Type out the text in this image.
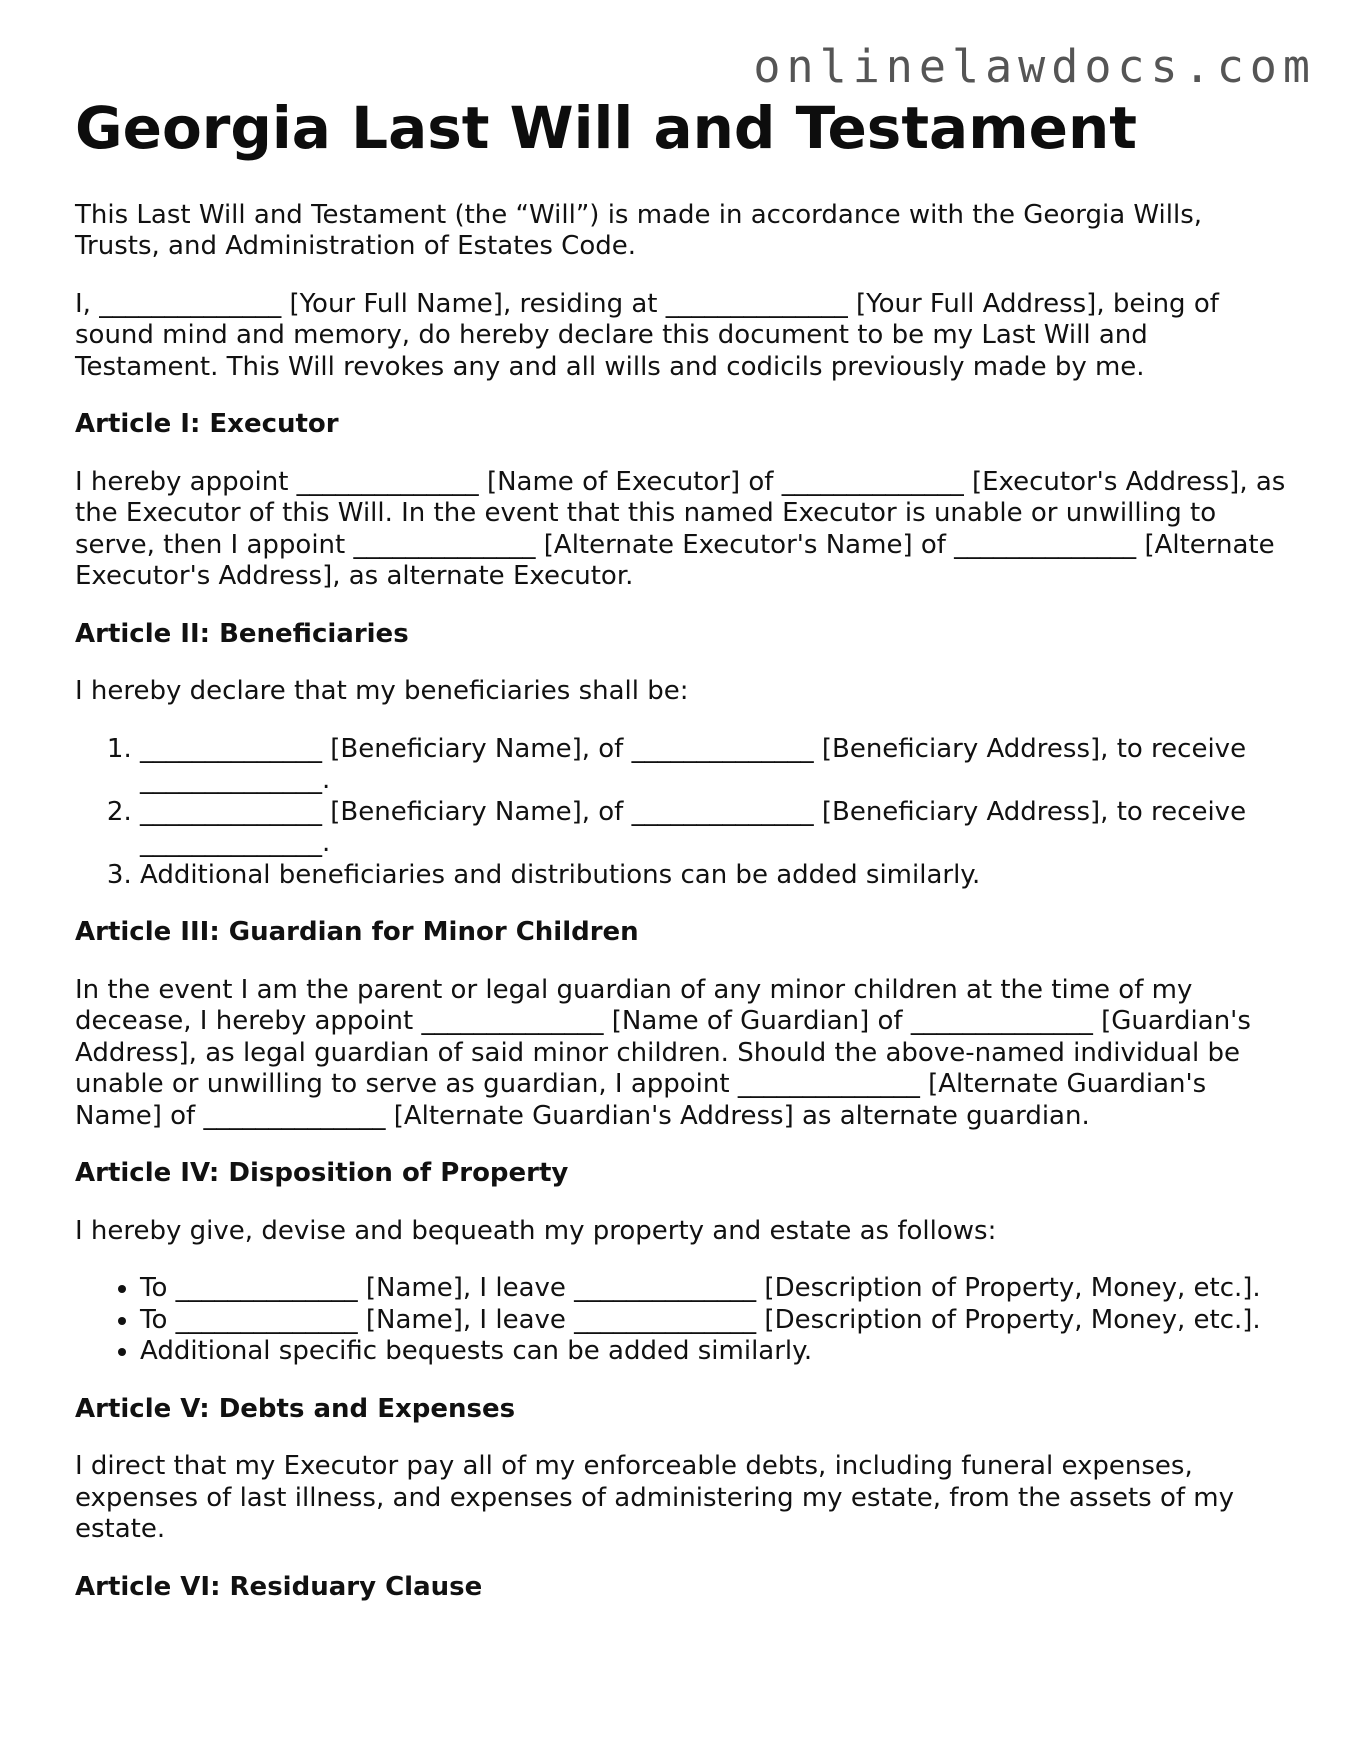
onlinelawdocs.com
Georgia Last Will and Testament

This Last Will and Testament (the “Will”) is made in accordance with the Georgia Wills, Trusts, and Administration of Estates Code.

I, ______________ [Your Full Name], residing at ______________ [Your Full Address], being of sound mind and memory, do hereby declare this document to be my Last Will and Testament. This Will revokes any and all wills and codicils previously made by me.

Article I: Executor

I hereby appoint ______________ [Name of Executor] of ______________ [Executor's Address], as the Executor of this Will. In the event that this named Executor is unable or unwilling to serve, then I appoint ______________ [Alternate Executor's Name] of ______________ [Alternate Executor's Address], as alternate Executor.

Article II: Beneficiaries

I hereby declare that my beneficiaries shall be:

1. ______________ [Beneficiary Name], of ______________ [Beneficiary Address], to receive ______________.
2. ______________ [Beneficiary Name], of ______________ [Beneficiary Address], to receive ______________.
3. Additional beneficiaries and distributions can be added similarly.
Article III: Guardian for Minor Children

In the event I am the parent or legal guardian of any minor children at the time of my decease, I hereby appoint ______________ [Name of Guardian] of ______________ [Guardian's Address], as legal guardian of said minor children. Should the above-named individual be unable or unwilling to serve as guardian, I appoint ______________ [Alternate Guardian's Name] of ______________ [Alternate Guardian's Address] as alternate guardian.

Article IV: Disposition of Property

I hereby give, devise and bequeath my property and estate as follows:

• To ______________ [Name], I leave ______________ [Description of Property, Money, etc.].
• To ______________ [Name], I leave ______________ [Description of Property, Money, etc.].
• Additional specific bequests can be added similarly.
Article V: Debts and Expenses

I direct that my Executor pay all of my enforceable debts, including funeral expenses, expenses of last illness, and expenses of administering my estate, from the assets of my estate.

Article VI: Residuary Clause
